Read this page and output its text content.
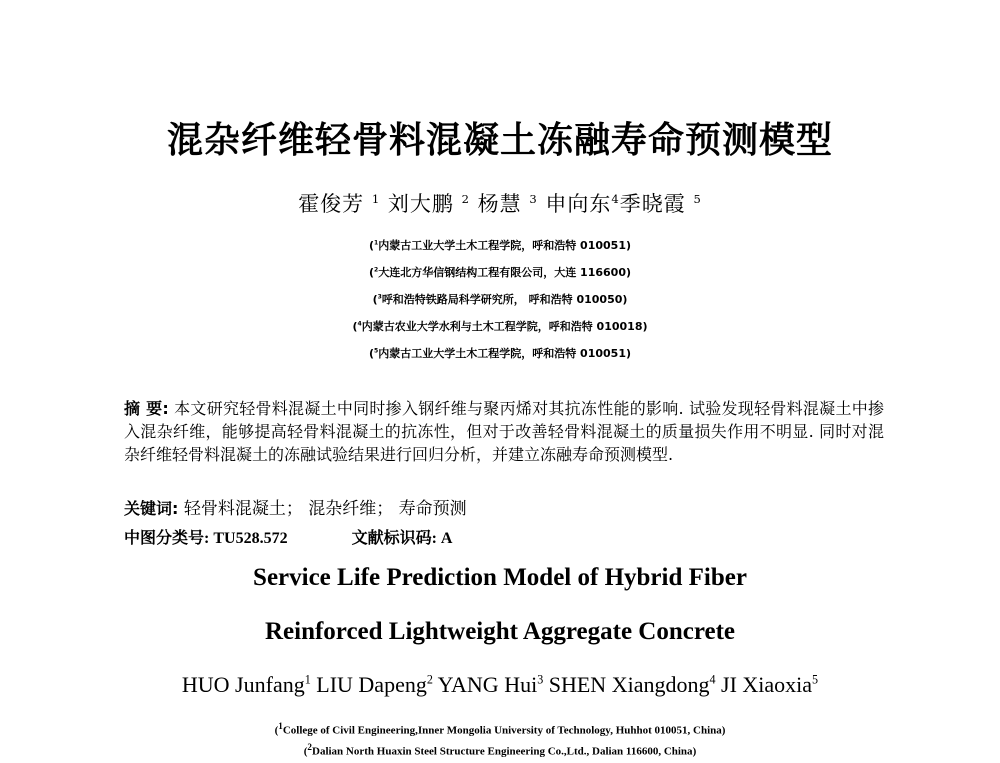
混杂纤维轻骨料混凝土冻融寿命预测模型
霍俊芳 $^1$ 刘大鹏 $^2$ 杨慧 $^3$ 申向东$^4$季晓霞 $^5$
($^1$内蒙古工业大学土木工程学院，呼和浩特 010051)
($^2$大连北方华信钢结构工程有限公司，大连 116600)
($^3$呼和浩特铁路局科学研究所， 呼和浩特 010050)
($^4$内蒙古农业大学水利与土木工程学院，呼和浩特 010018)
($^5$内蒙古工业大学土木工程学院，呼和浩特 010051)
摘 要: 本文研究轻骨料混凝土中同时掺入钢纤维与聚丙烯对其抗冻性能的影响. 试验发现轻骨料混凝土中掺入混杂纤维，能够提高轻骨料混凝土的抗冻性，但对于改善轻骨料混凝土的质量损失作用不明显. 同时对混杂纤维轻骨料混凝土的冻融试验结果进行回归分析，并建立冻融寿命预测模型.
关键词: 轻骨料混凝土； 混杂纤维； 寿命预测
中图分类号: TU528.572	文献标识码: A
Service Life Prediction Model of Hybrid Fiber
Reinforced Lightweight Aggregate Concrete
HUO Junfang$^1$ LIU Dapeng$^2$ YANG Hui$^3$ SHEN Xiangdong$^4$ JI Xiaoxia$^5$
($^1$College of Civil Engineering,Inner Mongolia University of Technology, Huhhot 010051, China)
($^2$Dalian North Huaxin Steel Structure Engineering Co.,Ltd., Dalian 116600, China)
